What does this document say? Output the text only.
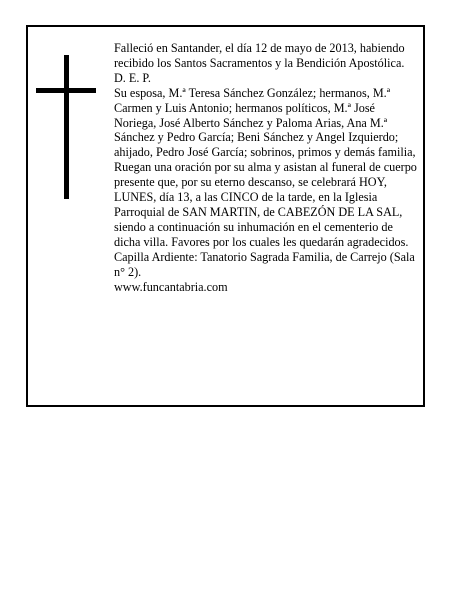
Falleció en Santander, el día 12 de mayo de 2013, habiendo recibido los Santos Sacramentos y la Bendición Apostólica.

D. E. P.

Su esposa, M.ª Teresa Sánchez González; hermanos, M.ª Carmen y Luis Antonio; hermanos políticos, M.ª José Noriega, José Alberto Sánchez y Paloma Arias, Ana M.ª Sánchez y Pedro García; Beni Sánchez y Angel Izquierdo; ahijado, Pedro José García; sobrinos, primos y demás familia,

Ruegan una oración por su alma y asistan al funeral de cuerpo presente que, por su eterno descanso, se celebrará HOY, LUNES, día 13, a las CINCO de la tarde, en la Iglesia Parroquial de SAN MARTIN, de CABEZÓN DE LA SAL, siendo a continuación su inhumación en el cementerio de dicha villa. Favores por los cuales les quedarán agradecidos. Capilla Ardiente: Tanatorio Sagrada Familia, de Carrejo (Sala n° 2).

www.funcantabria.com
